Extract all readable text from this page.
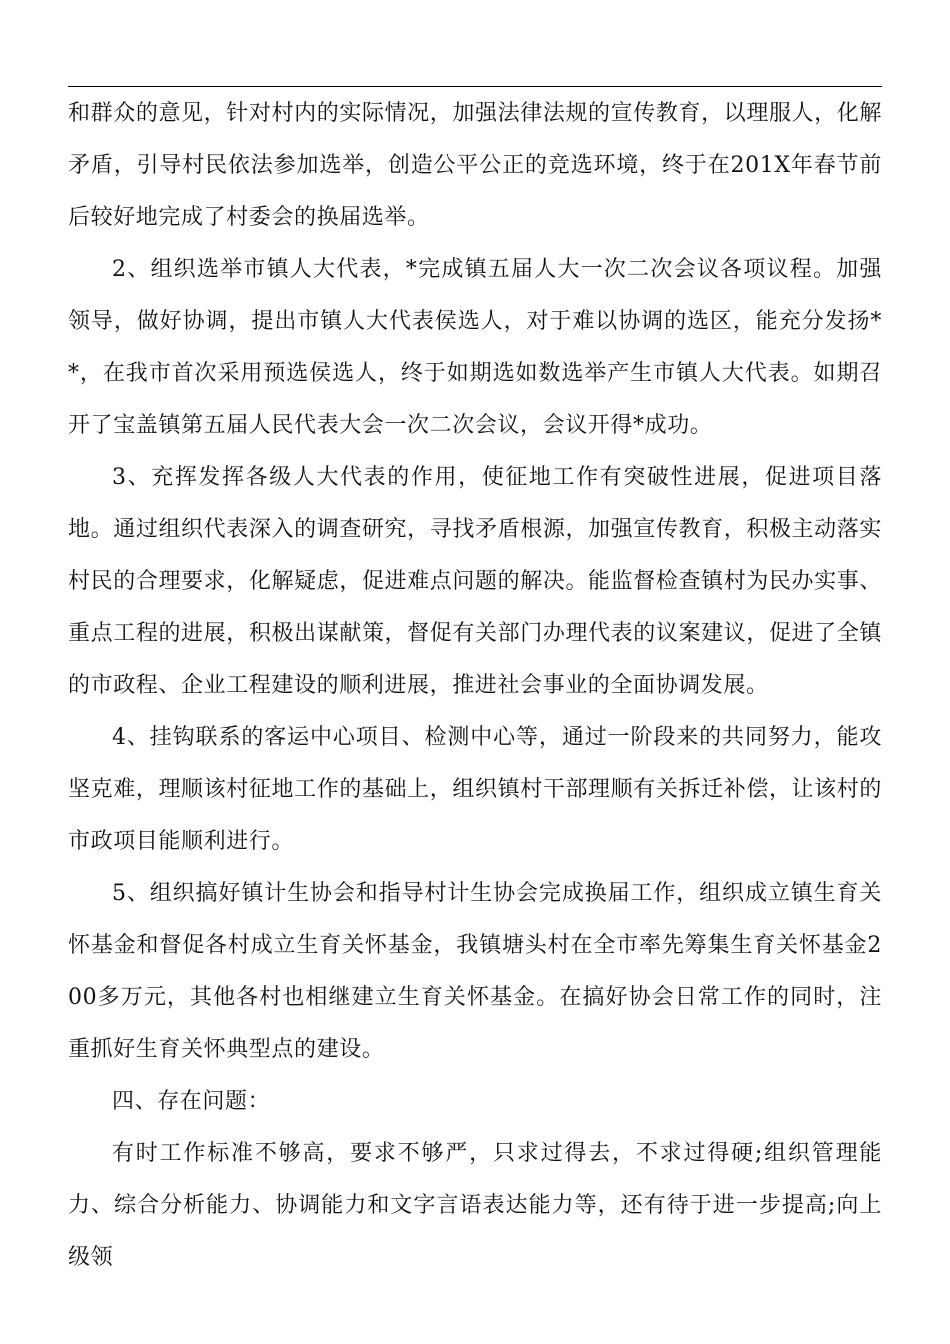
和群众的意见，针对村内的实际情况，加强法律法规的宣传教育，以理服人，化解矛盾，引导村民依法参加选举，创造公平公正的竞选环境，终于在201X年春节前后较好地完成了村委会的换届选举。

2、组织选举市镇人大代表，*完成镇五届人大一次二次会议各项议程。加强领导，做好协调，提出市镇人大代表侯选人，对于难以协调的选区，能充分发扬**，在我市首次采用预选侯选人，终于如期选如数选举产生市镇人大代表。如期召开了宝盖镇第五届人民代表大会一次二次会议，会议开得*成功。

3、充挥发挥各级人大代表的作用，使征地工作有突破性进展，促进项目落地。通过组织代表深入的调查研究，寻找矛盾根源，加强宣传教育，积极主动落实村民的合理要求，化解疑虑，促进难点问题的解决。能监督检查镇村为民办实事、重点工程的进展，积极出谋献策，督促有关部门办理代表的议案建议，促进了全镇的市政程、企业工程建设的顺利进展，推进社会事业的全面协调发展。

4、挂钩联系的客运中心项目、检测中心等，通过一阶段来的共同努力，能攻坚克难，理顺该村征地工作的基础上，组织镇村干部理顺有关拆迁补偿，让该村的市政项目能顺利进行。

5、组织搞好镇计生协会和指导村计生协会完成换届工作，组织成立镇生育关怀基金和督促各村成立生育关怀基金，我镇塘头村在全市率先筹集生育关怀基金200多万元，其他各村也相继建立生育关怀基金。在搞好协会日常工作的同时，注重抓好生育关怀典型点的建设。

四、存在问题：

有时工作标准不够高，要求不够严，只求过得去，不求过得硬;组织管理能力、综合分析能力、协调能力和文字言语表达能力等，还有待于进一步提高;向上级领
